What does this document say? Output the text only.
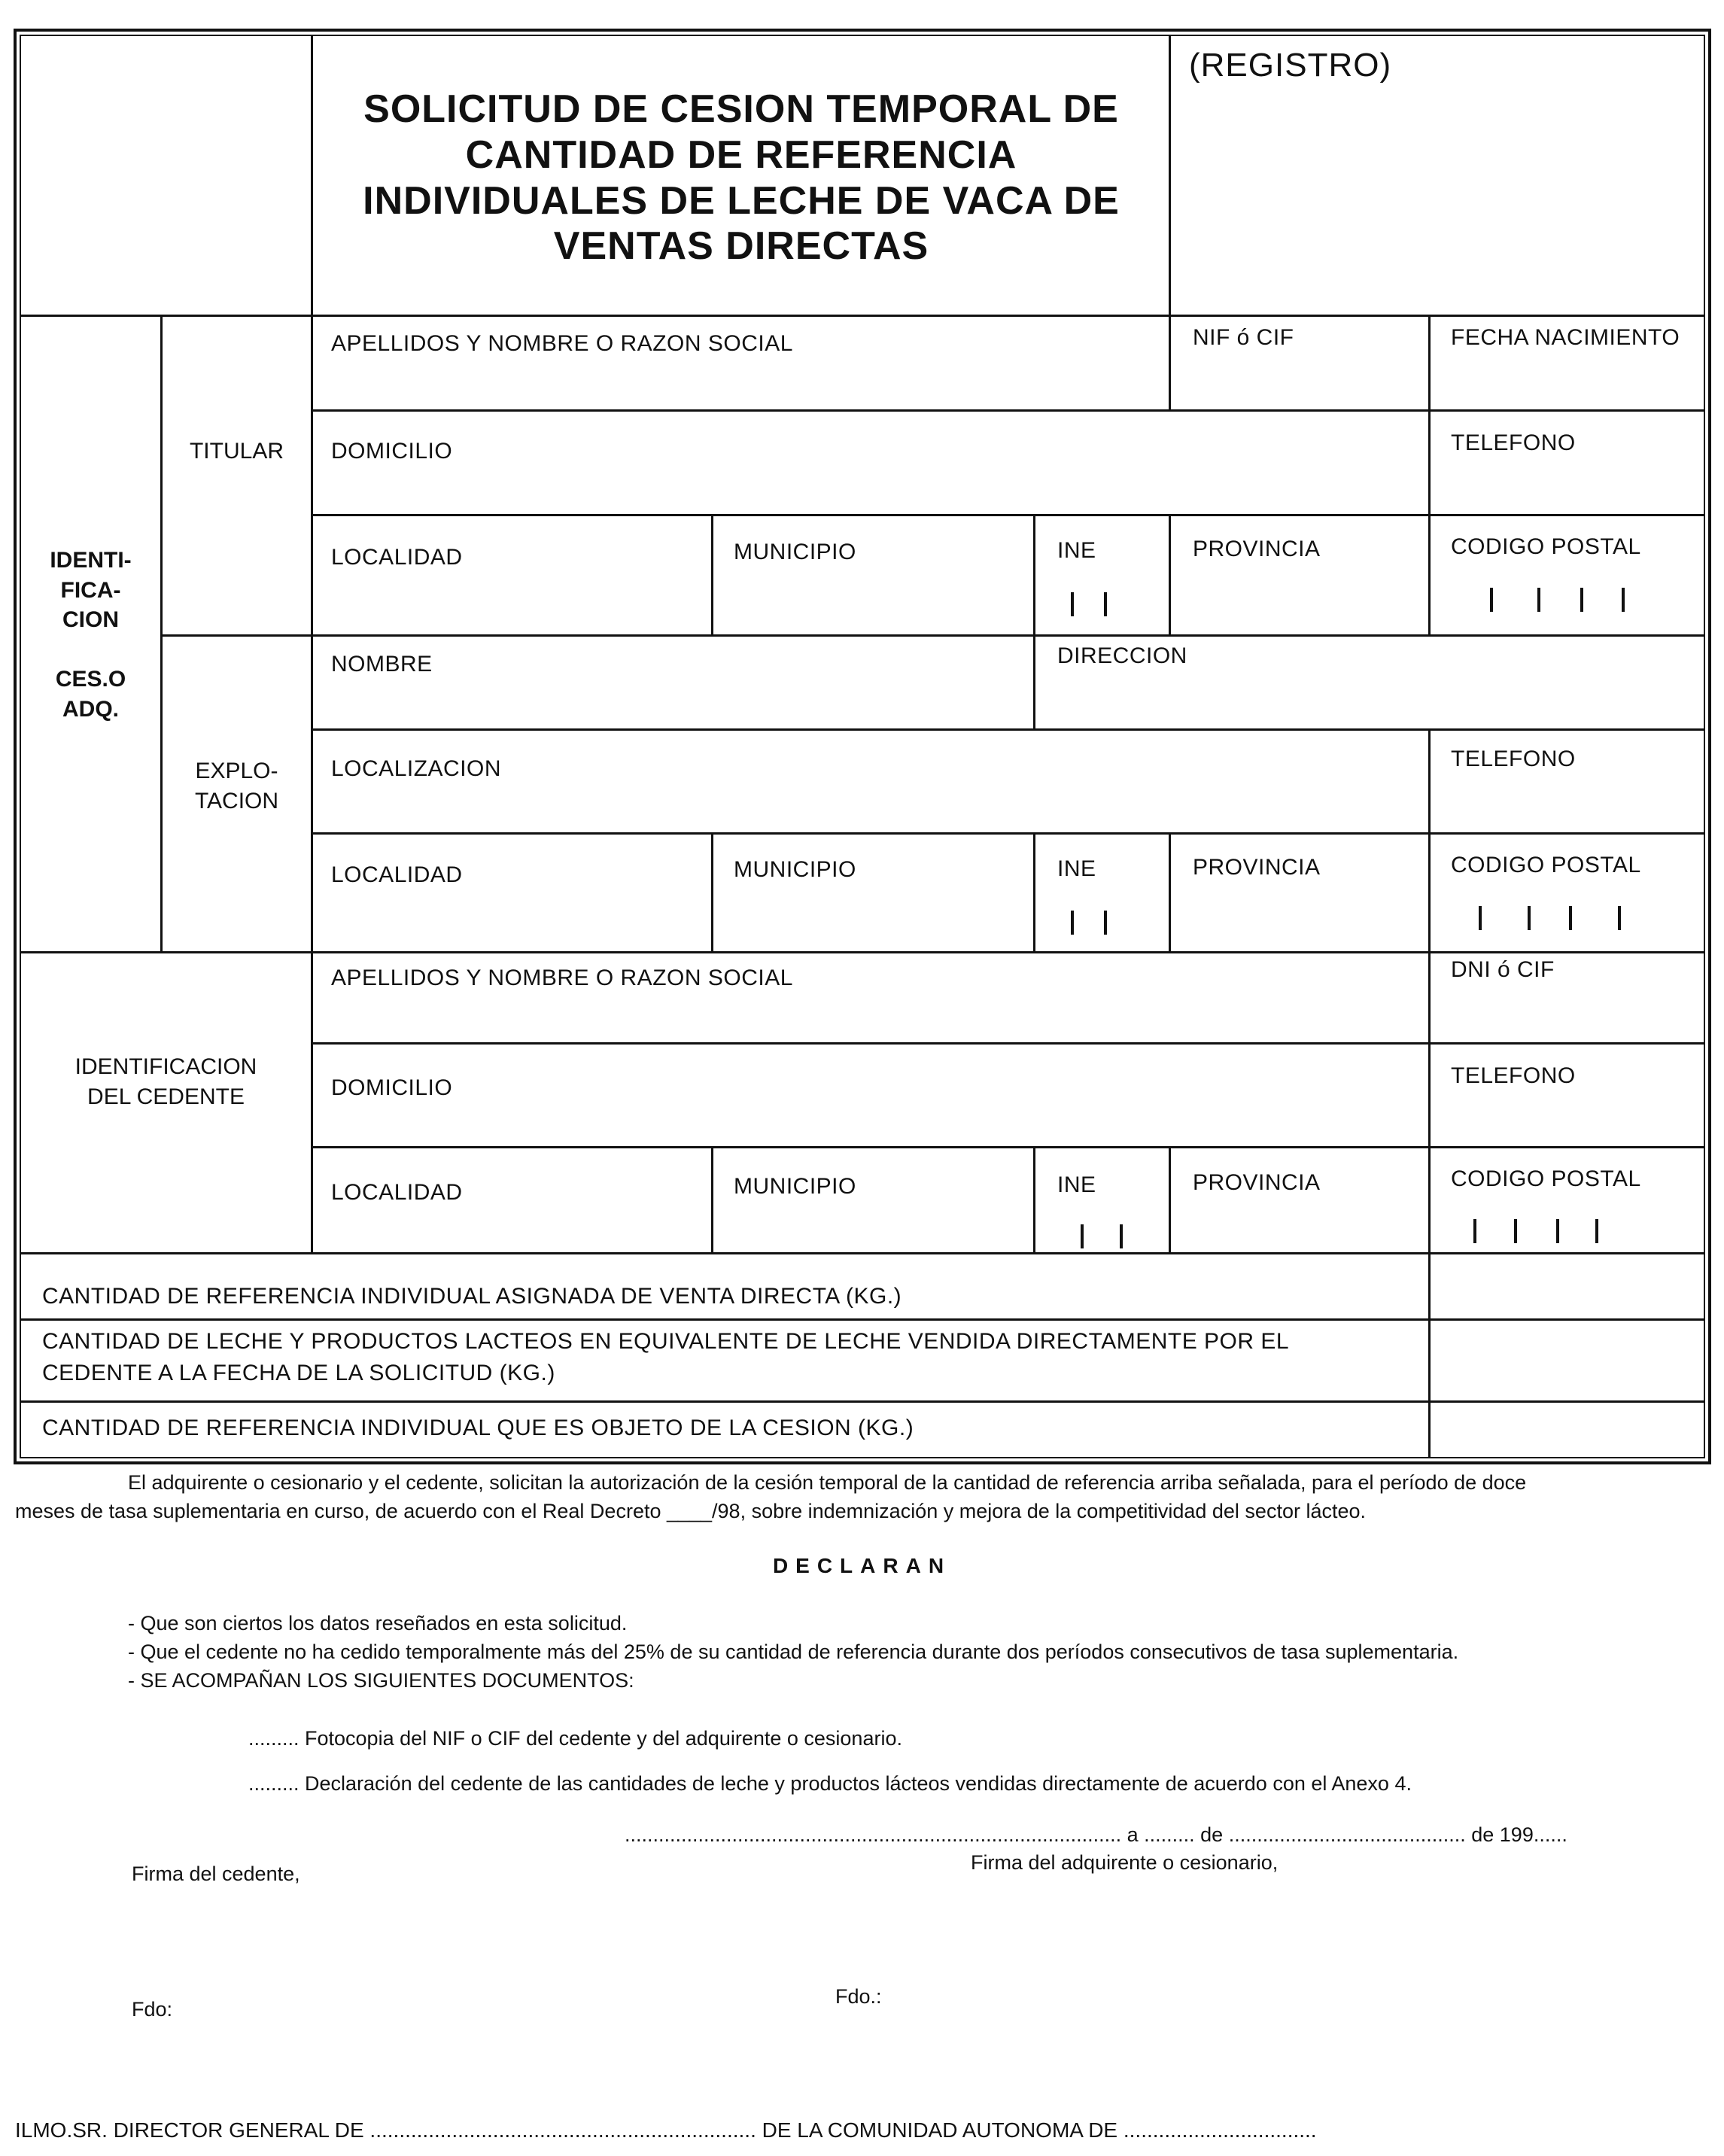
SOLICITUD DE CESION TEMPORAL DE CANTIDAD DE REFERENCIA INDIVIDUALES DE LECHE DE VACA DE VENTAS DIRECTAS
(REGISTRO)
IDENTI-
FICA-
CION

CES.O
ADQ.
TITULAR
EXPLO-
TACION
IDENTIFICACION
DEL CEDENTE
APELLIDOS Y NOMBRE O RAZON SOCIAL	NIF ó CIF	FECHA NACIMIENTO
DOMICILIO	TELEFONO
LOCALIDAD	MUNICIPIO	INE	PROVINCIA	CODIGO POSTAL
NOMBRE	DIRECCION
LOCALIZACION	TELEFONO
LOCALIDAD	MUNICIPIO	INE	PROVINCIA	CODIGO POSTAL
APELLIDOS Y NOMBRE O RAZON SOCIAL	DNI ó CIF
DOMICILIO	TELEFONO
LOCALIDAD	MUNICIPIO	INE	PROVINCIA	CODIGO POSTAL
CANTIDAD DE REFERENCIA INDIVIDUAL ASIGNADA DE VENTA DIRECTA (KG.)
CANTIDAD DE LECHE Y PRODUCTOS LACTEOS EN EQUIVALENTE DE LECHE VENDIDA DIRECTAMENTE POR EL
CEDENTE A LA FECHA DE LA SOLICITUD (KG.)
CANTIDAD DE REFERENCIA INDIVIDUAL QUE ES OBJETO DE LA CESION (KG.)
El adquirente o cesionario y el cedente, solicitan la autorización de la cesión temporal de la cantidad de referencia arriba señalada, para el período de doce
meses de tasa suplementaria en curso, de acuerdo con el Real Decreto ____/98, sobre indemnización y mejora de la competitividad del sector lácteo.
DECLARAN
- Que son ciertos los datos reseñados en esta solicitud.
- Que el cedente no ha cedido temporalmente más del 25% de su cantidad de referencia durante dos períodos consecutivos de tasa suplementaria.
- SE ACOMPAÑAN LOS SIGUIENTES DOCUMENTOS:
......... Fotocopia del NIF o CIF del cedente y del adquirente o cesionario.
......... Declaración del cedente de las cantidades de leche y productos lácteos vendidas directamente de acuerdo con el Anexo 4.
........................................................................................ a ......... de .......................................... de 199......
Firma del cedente,	Firma del adquirente o cesionario,
Fdo:
Fdo.:
ILMO.SR. DIRECTOR GENERAL DE .................................................................. DE LA COMUNIDAD AUTONOMA DE .................................
